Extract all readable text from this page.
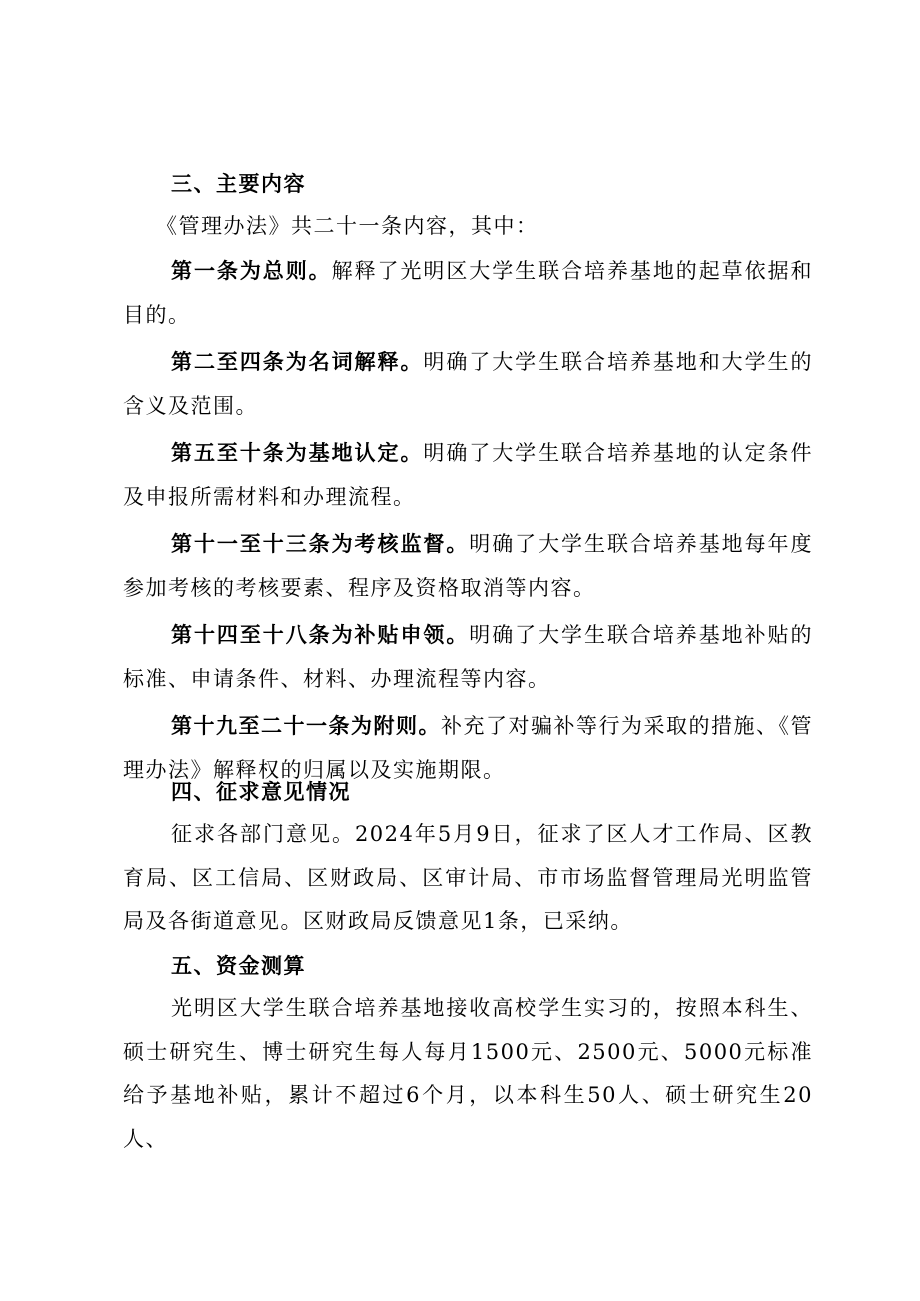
三、主要内容
《管理办法》共二十一条内容，其中：

第一条为总则。解释了光明区大学生联合培养基地的起草依据和目的。

第二至四条为名词解释。明确了大学生联合培养基地和大学生的含义及范围。

第五至十条为基地认定。明确了大学生联合培养基地的认定条件及申报所需材料和办理流程。

第十一至十三条为考核监督。明确了大学生联合培养基地每年度参加考核的考核要素、程序及资格取消等内容。

第十四至十八条为补贴申领。明确了大学生联合培养基地补贴的标准、申请条件、材料、办理流程等内容。

第十九至二十一条为附则。补充了对骗补等行为采取的措施、《管理办法》解释权的归属以及实施期限。

四、征求意见情况

征求各部门意见。2024年5月9日，征求了区人才工作局、区教育局、区工信局、区财政局、区审计局、市市场监督管理局光明监管局及各街道意见。区财政局反馈意见1条，已采纳。

五、资金测算

光明区大学生联合培养基地接收高校学生实习的，按照本科生、硕士研究生、博士研究生每人每月1500元、2500元、5000元标准给予基地补贴，累计不超过6个月，以本科生50人、硕士研究生20人、
